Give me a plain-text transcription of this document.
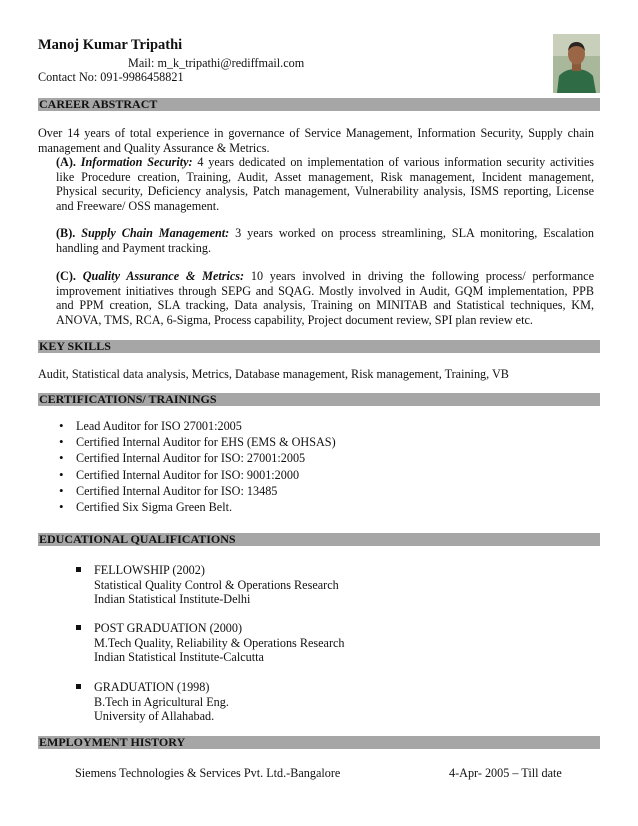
Manoj Kumar Tripathi
Mail: m_k_tripathi@rediffmail.com
Contact No: 091-9986458821
CAREER ABSTRACT
Over 14 years of total experience in governance of Service Management, Information Security, Supply chain management and Quality Assurance & Metrics.
(A). Information Security: 4 years dedicated on implementation of various information security activities like Procedure creation, Training, Audit, Asset management, Risk management, Incident management, Physical security, Deficiency analysis, Patch management, Vulnerability analysis, ISMS reporting, License and Freeware/ OSS management.
(B). Supply Chain Management: 3 years worked on process streamlining, SLA monitoring, Escalation handling and Payment tracking.
(C). Quality Assurance & Metrics: 10 years involved in driving the following process/ performance improvement initiatives through SEPG and SQAG. Mostly involved in Audit, GQM implementation, PPB and PPM creation, SLA tracking, Data analysis, Training on MINITAB and Statistical techniques, KM, ANOVA, TMS, RCA, 6-Sigma, Process capability, Project document review, SPI plan review etc.
KEY SKILLS
Audit, Statistical data analysis, Metrics, Database management, Risk management, Training, VB
CERTIFICATIONS/ TRAININGS
• Lead Auditor for ISO 27001:2005
• Certified Internal Auditor for EHS (EMS & OHSAS)
• Certified Internal Auditor for ISO: 27001:2005
• Certified Internal Auditor for ISO: 9001:2000
• Certified Internal Auditor for ISO: 13485
• Certified Six Sigma Green Belt.
EDUCATIONAL QUALIFICATIONS
FELLOWSHIP (2002)
Statistical Quality Control & Operations Research
Indian Statistical Institute-Delhi
POST GRADUATION (2000)
M.Tech Quality, Reliability & Operations Research
Indian Statistical Institute-Calcutta
GRADUATION (1998)
B.Tech in Agricultural Eng.
University of Allahabad.
EMPLOYMENT HISTORY
Siemens Technologies & Services Pvt. Ltd.-Bangalore	4-Apr- 2005 – Till date
